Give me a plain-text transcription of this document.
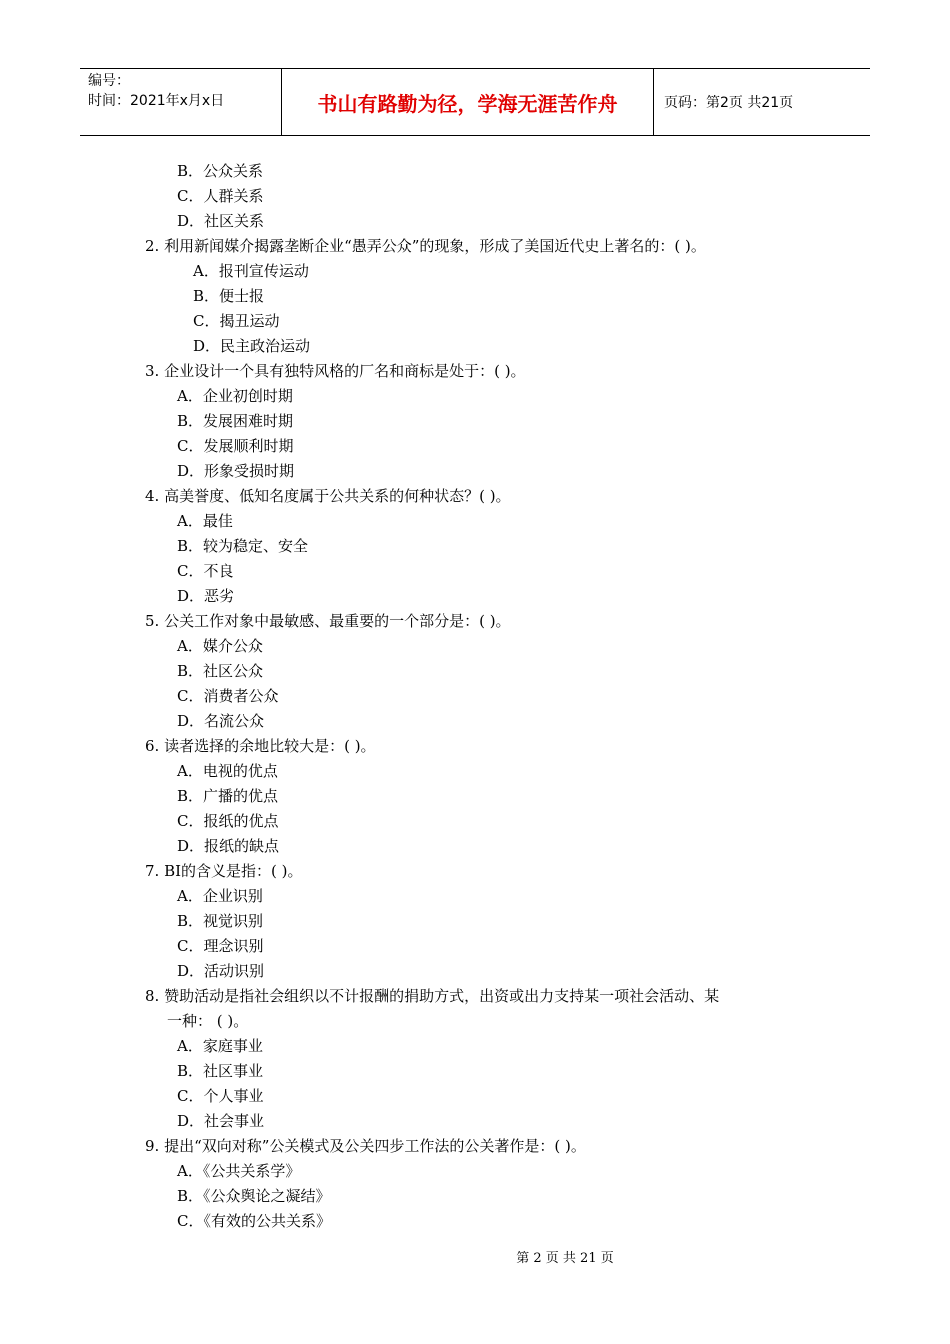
编号：
时间：2021年x月x日	书山有路勤为径，学海无涯苦作舟	页码：第2页 共21页
B．公众关系
C．人群关系
D．社区关系
2. 利用新闻媒介揭露垄断企业“愚弄公众”的现象，形成了美国近代史上著名的：( )。
A．报刊宣传运动
B．便士报
C．揭丑运动
D．民主政治运动
3. 企业设计一个具有独特风格的厂名和商标是处于：( )。
A．企业初创时期
B．发展困难时期
C．发展顺利时期
D．形象受损时期
4. 高美誉度、低知名度属于公共关系的何种状态？( )。
A．最佳
B．较为稳定、安全
C．不良
D．恶劣
5. 公关工作对象中最敏感、最重要的一个部分是：( )。
A．媒介公众
B．社区公众
C．消费者公众
D．名流公众
6. 读者选择的余地比较大是：( )。
A．电视的优点
B．广播的优点
C．报纸的优点
D．报纸的缺点
7. BI的含义是指：( )。
A．企业识别
B．视觉识别
C．理念识别
D．活动识别
8. 赞助活动是指社会组织以不计报酬的捐助方式，出资或出力支持某一项社会活动、某
一种： ( )。
A．家庭事业
B．社区事业
C．个人事业
D．社会事业
9. 提出“双向对称”公关模式及公关四步工作法的公关著作是：( )。
A．《公共关系学》
B．《公众舆论之凝结》
C．《有效的公共关系》
第 2 页 共 21 页
